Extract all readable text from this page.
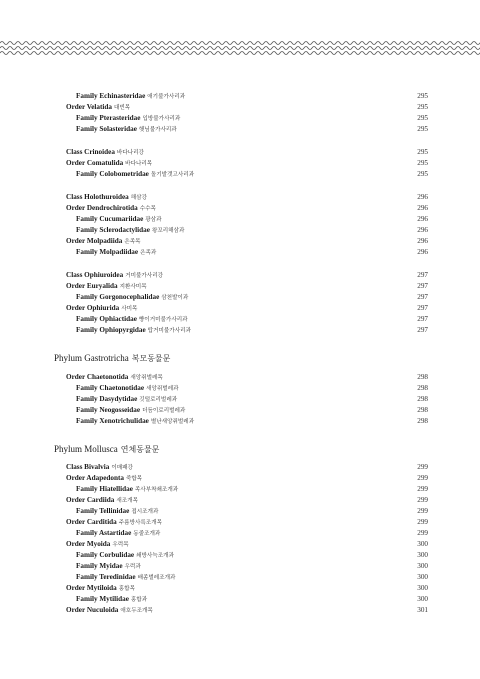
Family Echinasteridae 애기불가사리과	295
Order Velatida 대빈목	295
Family Pterasteridae 입방불가사리과	295
Family Solasteridae 햇님불가사리과	295
Class Crinoidea 바다나리강	295
Order Comatulida 바다나리목	295
Family Colobometridae 돌기발갯고사리과	295
Class Holothuroidea 해삼강	296
Order Dendrochirotida 수수목	296
Family Cucumariidae 광삼과	296
Family Sclerodactylidae 왕꼬리해삼과	296
Order Molpadiida 은족목	296
Family Molpadiidae 은족과	296
Class Ophiuroidea 거미불가사리강	297
Order Euryalida 지환사미목	297
Family Gorgonocephalidae 삼천발이과	297
Order Ophiurida 사미목	297
Family Ophiactidae 빵이거미불가사리과	297
Family Ophiopyrgidae 탑거미불가사리과	297
Order Chaetonotida 새앙쥐벌레목	298
Family Chaetonotidae 새앙쥐벌레과	298
Family Dasydytidae 깃털로리벌레과	298
Family Neogosseidae 더듬이로리벌레과	298
Family Xenotrichulidae 별난새앙쥐벌레과	298
Class Bivalvia 이매패강	299
Order Adapedonta 죽합목	299
Family Hiatellidae 족사부착쇄조개과	299
Order Cardiida 새조개목	299
Family Tellinidae 접시조개과	299
Order Carditida 주름방사륵조개목	299
Family Astartidae 동줄조개과	299
Order Myoida 우럭목	300
Family Corbulidae 쇄방사늑조개과	300
Family Myidae 우럭과	300
Family Teredinidae 배좀벌레조개과	300
Order Mytiloida 홍합목	300
Family Mytilidae 홍합과	300
Order Nuculoida 애호두조개목	301
Phylum Gastrotricha 복모동물문
Phylum Mollusca 연체동물문
